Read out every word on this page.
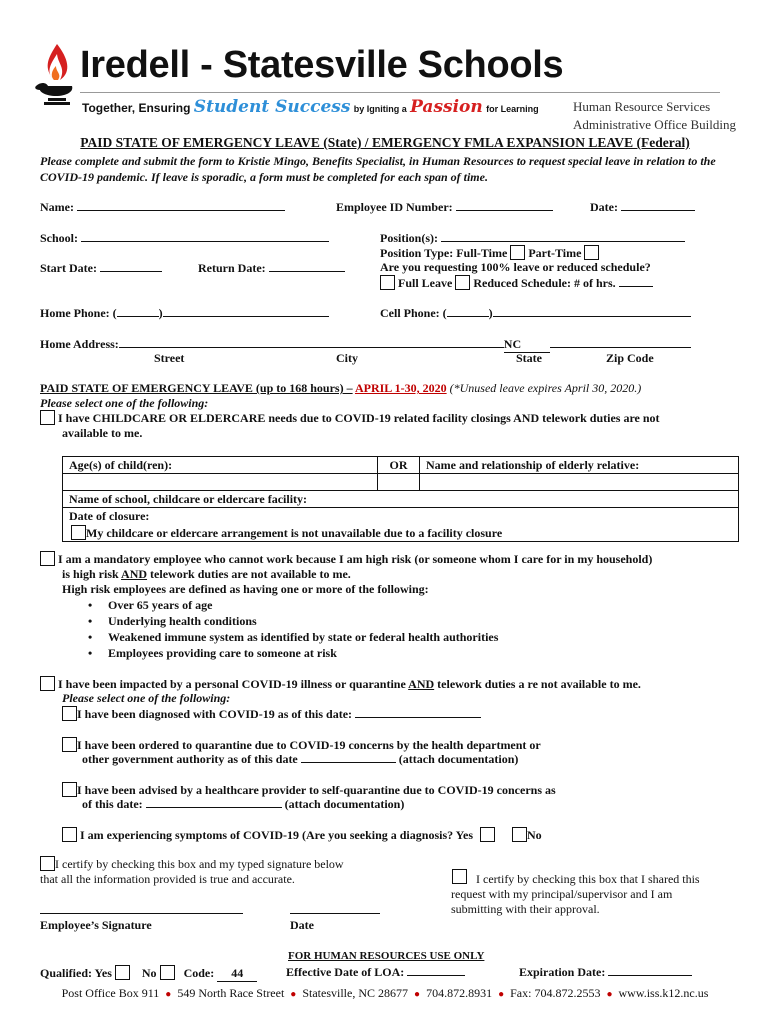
Iredell - Statesville Schools
Together, Ensuring Student Success by Igniting a Passion for Learning	Human Resource Services
Administrative Office Building
PAID STATE OF EMERGENCY LEAVE (State) / EMERGENCY FMLA EXPANSION LEAVE (Federal)
Please complete and submit the form to Kristie Mingo, Benefits Specialist, in Human Resources to request special leave in relation to the COVID-19 pandemic. If leave is sporadic, a form must be completed for each span of time.
Name:	Employee ID Number:	Date:
School:	Position(s):
Position Type: Full-Time Part-Time
Start Date:	Return Date:	Are you requesting 100% leave or reduced schedule?
Full Leave Reduced Schedule: # of hrs.
Home Phone: (	)	Cell Phone: (	)
Home Address:	NC
Street	City	State	Zip Code
PAID STATE OF EMERGENCY LEAVE (up to 168 hours) – APRIL 1-30, 2020 (*Unused leave expires April 30, 2020.)
Please select one of the following:
I have CHILDCARE OR ELDERCARE needs due to COVID-19 related facility closings AND telework duties are not
available to me.
Age(s) of child(ren):	OR	Name and relationship of elderly relative:

Name of school, childcare or eldercare facility:		
Date of closure:		
My childcare or eldercare arrangement is not unavailable due to a facility closure		
I am a mandatory employee who cannot work because I am high risk (or someone whom I care for in my household)
is high risk AND telework duties are not available to me.
High risk employees are defined as having one or more of the following:
• Over 65 years of age
• Underlying health conditions
• Weakened immune system as identified by state or federal health authorities
• Employees providing care to someone at risk
I have been impacted by a personal COVID-19 illness or quarantine AND telework duties a re not available to me.
Please select one of the following:
I have been diagnosed with COVID-19 as of this date:
I have been ordered to quarantine due to COVID-19 concerns by the health department or
other government authority as of this date	(attach documentation)
I have been advised by a healthcare provider to self-quarantine due to COVID-19 concerns as
of this date:	(attach documentation)
I am experiencing symptoms of COVID-19 (Are you seeking a diagnosis? Yes	No
I certify by checking this box and my typed signature below
that all the information provided is true and accurate.	I certify by checking this box that I shared this
request with my principal/supervisor and I am
submitting with their approval.
Employee’s Signature	Date
FOR HUMAN RESOURCES USE ONLY
Qualified: Yes	No Code: 44	Effective Date of LOA:	Expiration Date:
Post Office Box 911 ● 549 North Race Street ● Statesville, NC 28677 ● 704.872.8931 ● Fax: 704.872.2553 ● www.iss.k12.nc.us
